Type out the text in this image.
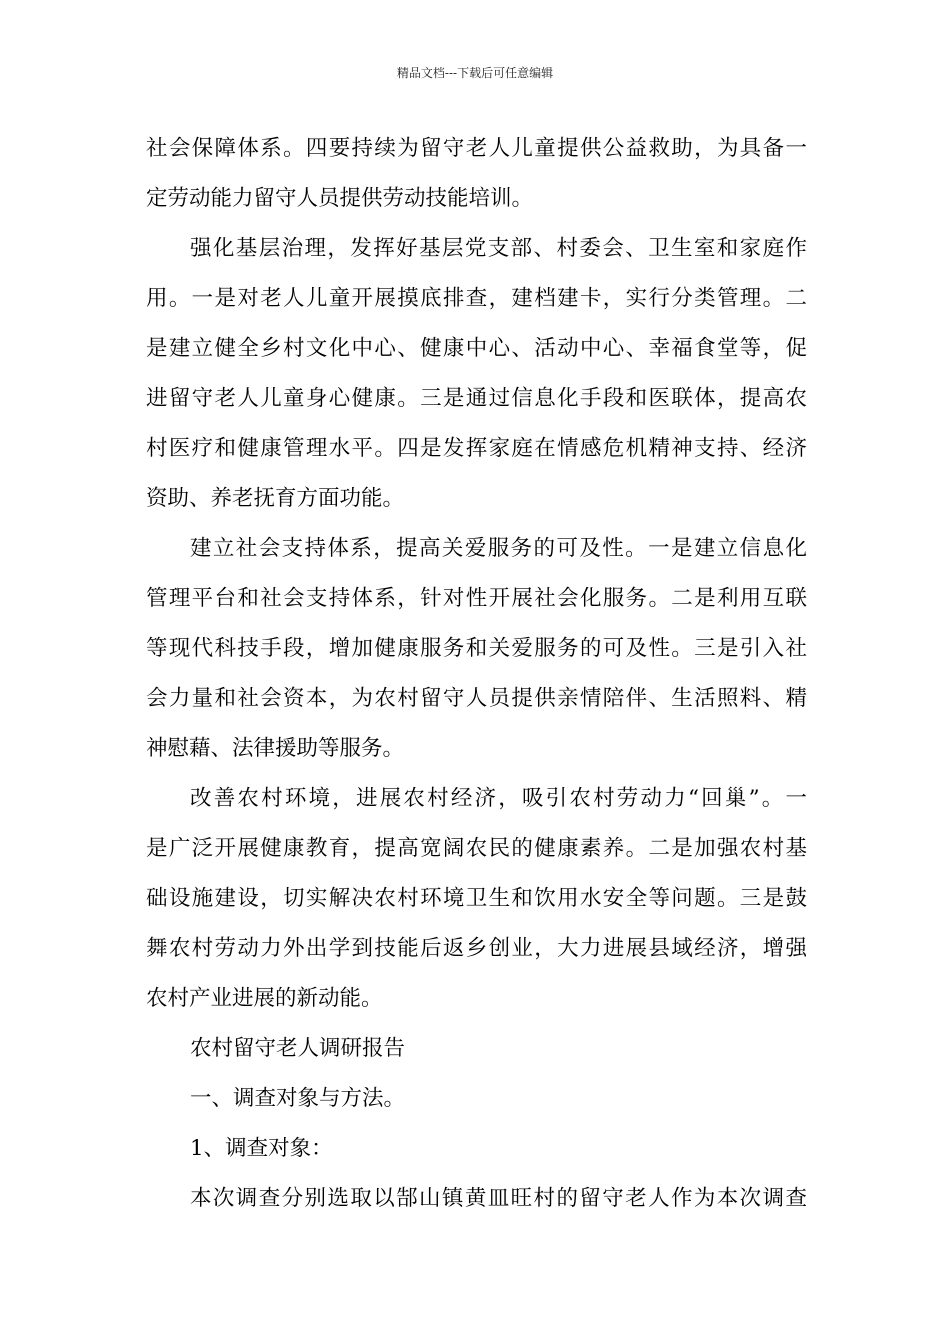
精品文档---下载后可任意编辑
社会保障体系。四要持续为留守老人儿童提供公益救助，为具备一
定劳动能力留守人员提供劳动技能培训。
强化基层治理，发挥好基层党支部、村委会、卫生室和家庭作
用。一是对老人儿童开展摸底排查，建档建卡，实行分类管理。二
是建立健全乡村文化中心、健康中心、活动中心、幸福食堂等，促
进留守老人儿童身心健康。三是通过信息化手段和医联体，提高农
村医疗和健康管理水平。四是发挥家庭在情感危机精神支持、经济
资助、养老抚育方面功能。
建立社会支持体系，提高关爱服务的可及性。一是建立信息化
管理平台和社会支持体系，针对性开展社会化服务。二是利用互联
等现代科技手段，增加健康服务和关爱服务的可及性。三是引入社
会力量和社会资本，为农村留守人员提供亲情陪伴、生活照料、精
神慰藉、法律援助等服务。
改善农村环境，进展农村经济，吸引农村劳动力“回巢”。一
是广泛开展健康教育，提高宽阔农民的健康素养。二是加强农村基
础设施建设，切实解决农村环境卫生和饮用水安全等问题。三是鼓
舞农村劳动力外出学到技能后返乡创业，大力进展县域经济，增强
农村产业进展的新动能。
农村留守老人调研报告
一、调查对象与方法。
1、调查对象：
本次调查分别选取以郜山镇黄皿旺村的留守老人作为本次调查
